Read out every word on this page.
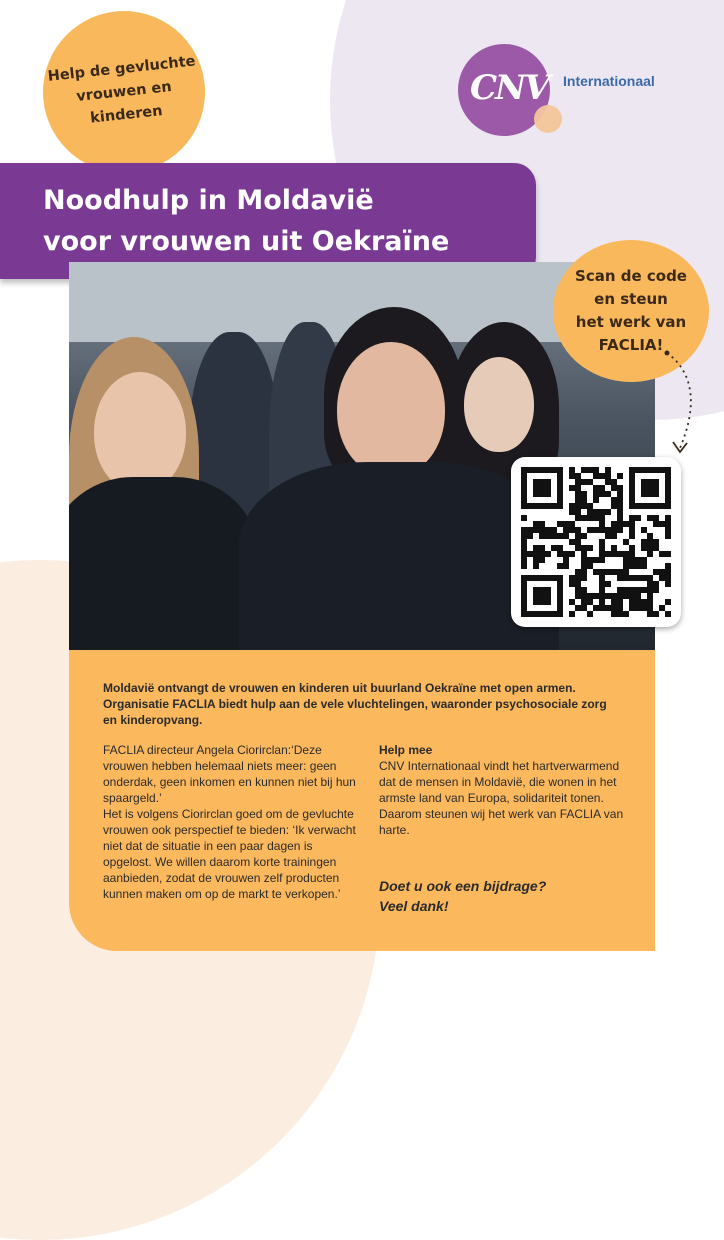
Help de gevluchte vrouwen en kinderen
CNV Internationaal
Noodhulp in Moldavië
voor vrouwen uit Oekraïne
Scan de code
en steun
het werk van
FACLIA!

Moldavië ontvangt de vrouwen en kinderen uit buurland Oekraïne met open armen. Organisatie FACLIA biedt hulp aan de vele vluchtelingen, waaronder psychosociale zorg en kinderopvang.

FACLIA directeur Angela Ciorirclan:‘Deze vrouwen hebben helemaal niets meer: geen onderdak, geen inkomen en kunnen niet bij hun spaargeld.’
Het is volgens Ciorirclan goed om de gevluchte vrouwen ook perspectief te bieden: ‘Ik verwacht niet dat de situatie in een paar dagen is opgelost. We willen daarom korte trainingen aanbieden, zodat de vrouwen zelf producten kunnen maken om op de markt te verkopen.’

Help mee

CNV Internationaal vindt het hartverwarmend dat de mensen in Moldavië, die wonen in het armste land van Europa, solidariteit tonen. Daarom steunen wij het werk van FACLIA van harte.

Doet u ook een bijdrage?
Veel dank!
